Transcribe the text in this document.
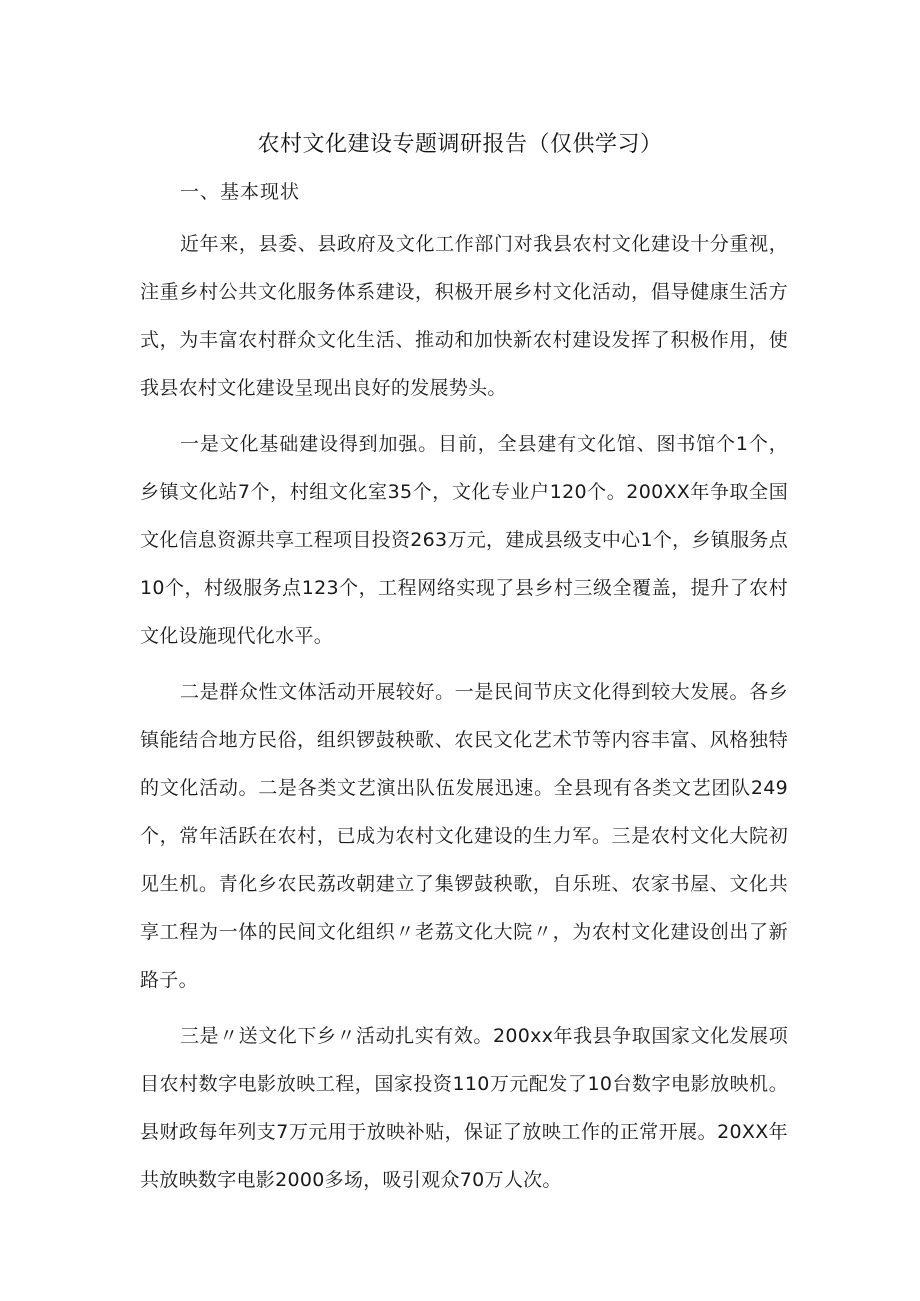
农村文化建设专题调研报告（仅供学习）

一、基本现状

近年来，县委、县政府及文化工作部门对我县农村文化建设十分重视，注重乡村公共文化服务体系建设，积极开展乡村文化活动，倡导健康生活方式，为丰富农村群众文化生活、推动和加快新农村建设发挥了积极作用，使我县农村文化建设呈现出良好的发展势头。

一是文化基础建设得到加强。目前，全县建有文化馆、图书馆个1个，乡镇文化站7个，村组文化室35个，文化专业户120个。200XX年争取全国文化信息资源共享工程项目投资263万元，建成县级支中心1个，乡镇服务点10个，村级服务点123个，工程网络实现了县乡村三级全覆盖，提升了农村文化设施现代化水平。

二是群众性文体活动开展较好。一是民间节庆文化得到较大发展。各乡镇能结合地方民俗，组织锣鼓秧歌、农民文化艺术节等内容丰富、风格独特的文化活动。二是各类文艺演出队伍发展迅速。全县现有各类文艺团队249个，常年活跃在农村，已成为农村文化建设的生力军。三是农村文化大院初见生机。青化乡农民荔改朝建立了集锣鼓秧歌，自乐班、农家书屋、文化共享工程为一体的民间文化组织〃老荔文化大院〃，为农村文化建设创出了新路子。

三是〃送文化下乡〃活动扎实有效。200xx年我县争取国家文化发展项目农村数字电影放映工程，国家投资110万元配发了10台数字电影放映机。县财政每年列支7万元用于放映补贴，保证了放映工作的正常开展。20XX年共放映数字电影2000多场，吸引观众70万人次。
